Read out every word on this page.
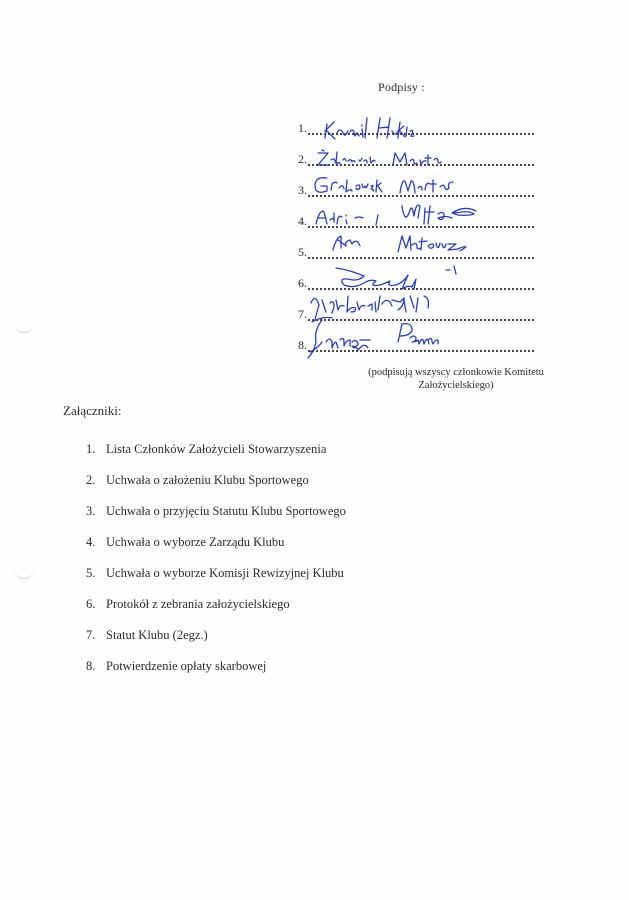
Podpisy :
1.
2.
3.
4.
5.
6.
7.
8.
(podpisują wszyscy członkowie Komitetu Założycielskiego)
Załączniki:
1. Lista Członków Założycieli Stowarzyszenia
2. Uchwała o założeniu Klubu Sportowego
3. Uchwała o przyjęciu Statutu Klubu Sportowego
4. Uchwała o wyborze Zarządu Klubu
5. Uchwała o wyborze Komisji Rewizyjnej Klubu
6. Protokół z zebrania założycielskiego
7. Statut Klubu (2egz.)
8. Potwierdzenie opłaty skarbowej
